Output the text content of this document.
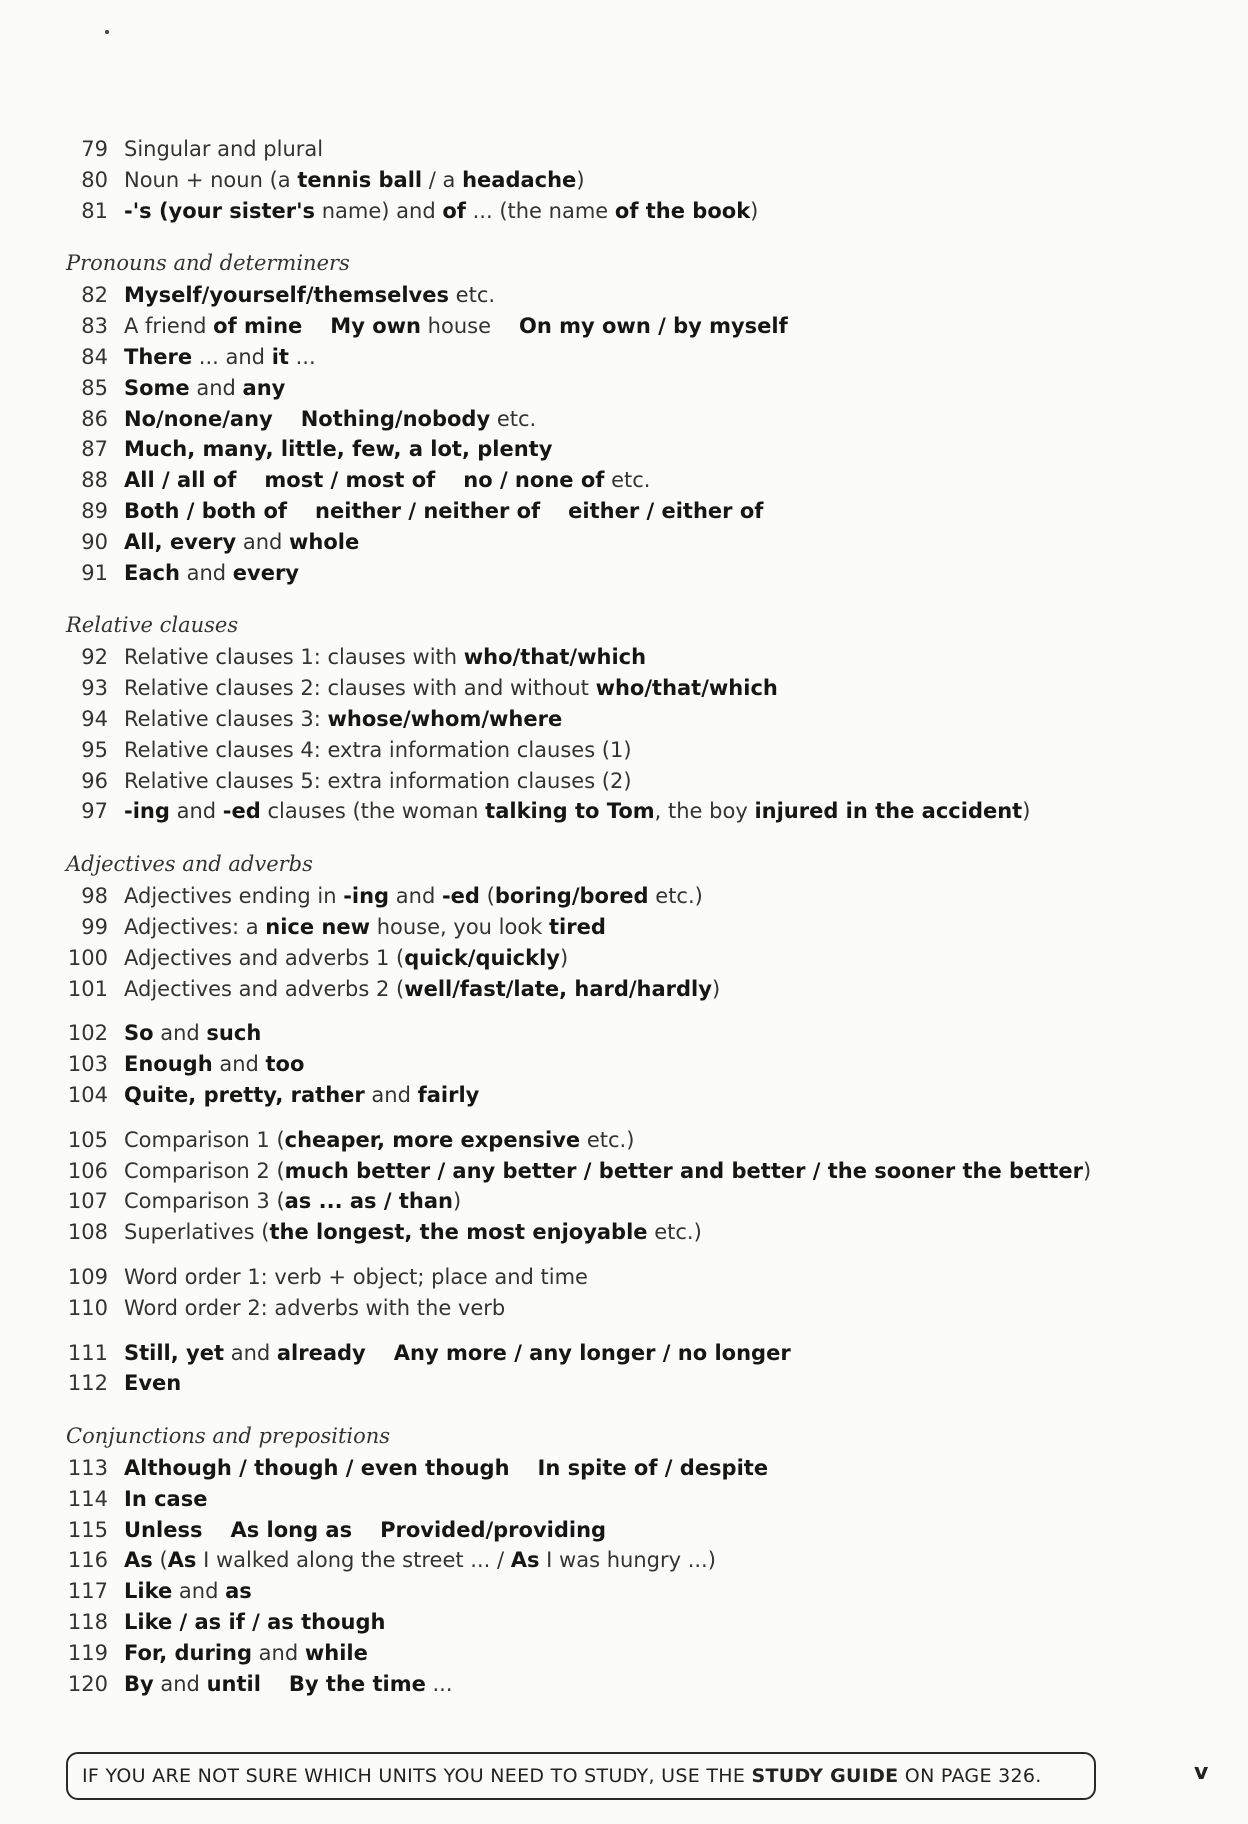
79 Singular and plural
80 Noun + noun (a tennis ball / a headache)
81 -'s (your sister's name) and of ... (the name of the book)
Pronouns and determiners
82 Myself/yourself/themselves etc.
83 A friend of mine My own house On my own / by myself
84 There ... and it ...
85 Some and any
86 No/none/any Nothing/nobody etc.
87 Much, many, little, few, a lot, plenty
88 All / all of most / most of no / none of etc.
89 Both / both of neither / neither of either / either of
90 All, every and whole
91 Each and every
Relative clauses
92 Relative clauses 1: clauses with who/that/which
93 Relative clauses 2: clauses with and without who/that/which
94 Relative clauses 3: whose/whom/where
95 Relative clauses 4: extra information clauses (1)
96 Relative clauses 5: extra information clauses (2)
97 -ing and -ed clauses (the woman talking to Tom, the boy injured in the accident)
Adjectives and adverbs
98 Adjectives ending in -ing and -ed (boring/bored etc.)
99 Adjectives: a nice new house, you look tired
100 Adjectives and adverbs 1 (quick/quickly)
101 Adjectives and adverbs 2 (well/fast/late, hard/hardly)
102 So and such
103 Enough and too
104 Quite, pretty, rather and fairly
105 Comparison 1 (cheaper, more expensive etc.)
106 Comparison 2 (much better / any better / better and better / the sooner the better)
107 Comparison 3 (as ... as / than)
108 Superlatives (the longest, the most enjoyable etc.)
109 Word order 1: verb + object; place and time
110 Word order 2: adverbs with the verb
111 Still, yet and already Any more / any longer / no longer
112 Even
Conjunctions and prepositions
113 Although / though / even though In spite of / despite
114 In case
115 Unless As long as Provided/providing
116 As (As I walked along the street ... / As I was hungry ...)
117 Like and as
118 Like / as if / as though
119 For, during and while
120 By and until By the time ...
IF YOU ARE NOT SURE WHICH UNITS YOU NEED TO STUDY, USE THE STUDY GUIDE ON PAGE 326.	v
